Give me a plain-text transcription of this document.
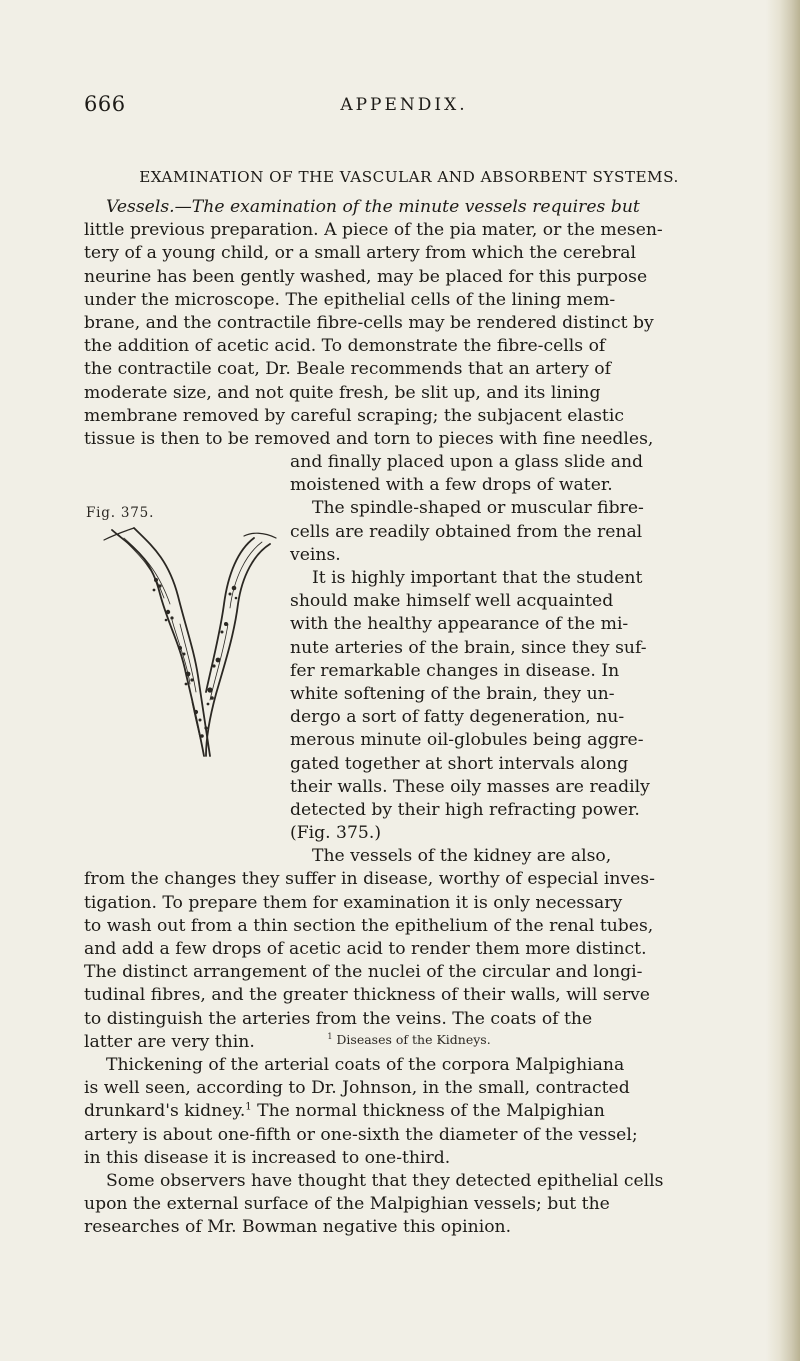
666	APPENDIX.
EXAMINATION OF THE VASCULAR AND ABSORBENT SYSTEMS.
Vessels.—The examination of the minute vessels requires but
little previous preparation. A piece of the pia mater, or the mesen-
tery of a young child, or a small artery from which the cerebral
neurine has been gently washed, may be placed for this purpose
under the microscope. The epithelial cells of the lining mem-
brane, and the contractile fibre-cells may be rendered distinct by
the addition of acetic acid. To demonstrate the fibre-cells of
the contractile coat, Dr. Beale recommends that an artery of
moderate size, and not quite fresh, be slit up, and its lining
membrane removed by careful scraping; the subjacent elastic
tissue is then to be removed and torn to pieces with fine needles,
and finally placed upon a glass slide and
moistened with a few drops of water.
The spindle-shaped or muscular fibre-
cells are readily obtained from the renal
veins.
It is highly important that the student
should make himself well acquainted
with the healthy appearance of the mi-
nute arteries of the brain, since they suf-
fer remarkable changes in disease. In
white softening of the brain, they un-
dergo a sort of fatty degeneration, nu-
merous minute oil-globules being aggre-
gated together at short intervals along
their walls. These oily masses are readily
detected by their high refracting power.
(Fig. 375.)
The vessels of the kidney are also,
from the changes they suffer in disease, worthy of especial inves-
tigation. To prepare them for examination it is only necessary
to wash out from a thin section the epithelium of the renal tubes,
and add a few drops of acetic acid to render them more distinct.
The distinct arrangement of the nuclei of the circular and longi-
tudinal fibres, and the greater thickness of their walls, will serve
to distinguish the arteries from the veins. The coats of the
latter are very thin.
Thickening of the arterial coats of the corpora Malpighiana
is well seen, according to Dr. Johnson, in the small, contracted
drunkard's kidney.$^1$ The normal thickness of the Malpighian
artery is about one-fifth or one-sixth the diameter of the vessel;
in this disease it is increased to one-third.
Some observers have thought that they detected epithelial cells
upon the external surface of the Malpighian vessels; but the
researches of Mr. Bowman negative this opinion.
Fig. 375.
$^1$ Diseases of the Kidneys.
